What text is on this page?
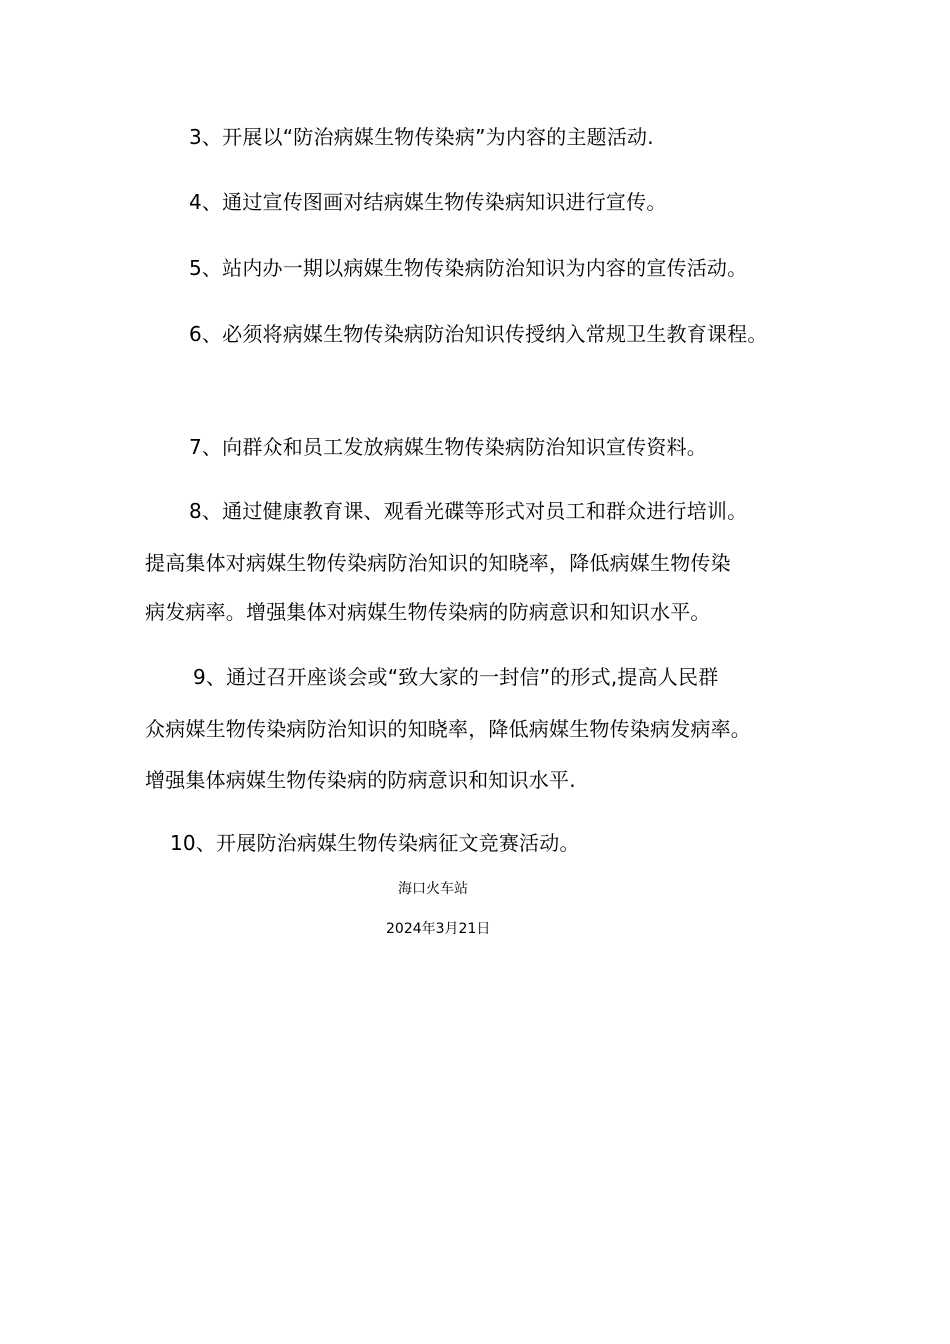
3、开展以“防治病媒生物传染病”为内容的主题活动.
4、通过宣传图画对结病媒生物传染病知识进行宣传。
5、站内办一期以病媒生物传染病防治知识为内容的宣传活动。
6、必须将病媒生物传染病防治知识传授纳入常规卫生教育课程。
7、向群众和员工发放病媒生物传染病防治知识宣传资料。
8、通过健康教育课、观看光碟等形式对员工和群众进行培训。
提高集体对病媒生物传染病防治知识的知晓率，降低病媒生物传染
病发病率。增强集体对病媒生物传染病的防病意识和知识水平。
9、通过召开座谈会或“致大家的一封信”的形式,提高人民群
众病媒生物传染病防治知识的知晓率，降低病媒生物传染病发病率。
增强集体病媒生物传染病的防病意识和知识水平.
10、开展防治病媒生物传染病征文竞赛活动。
海口火车站
2024年3月21日
